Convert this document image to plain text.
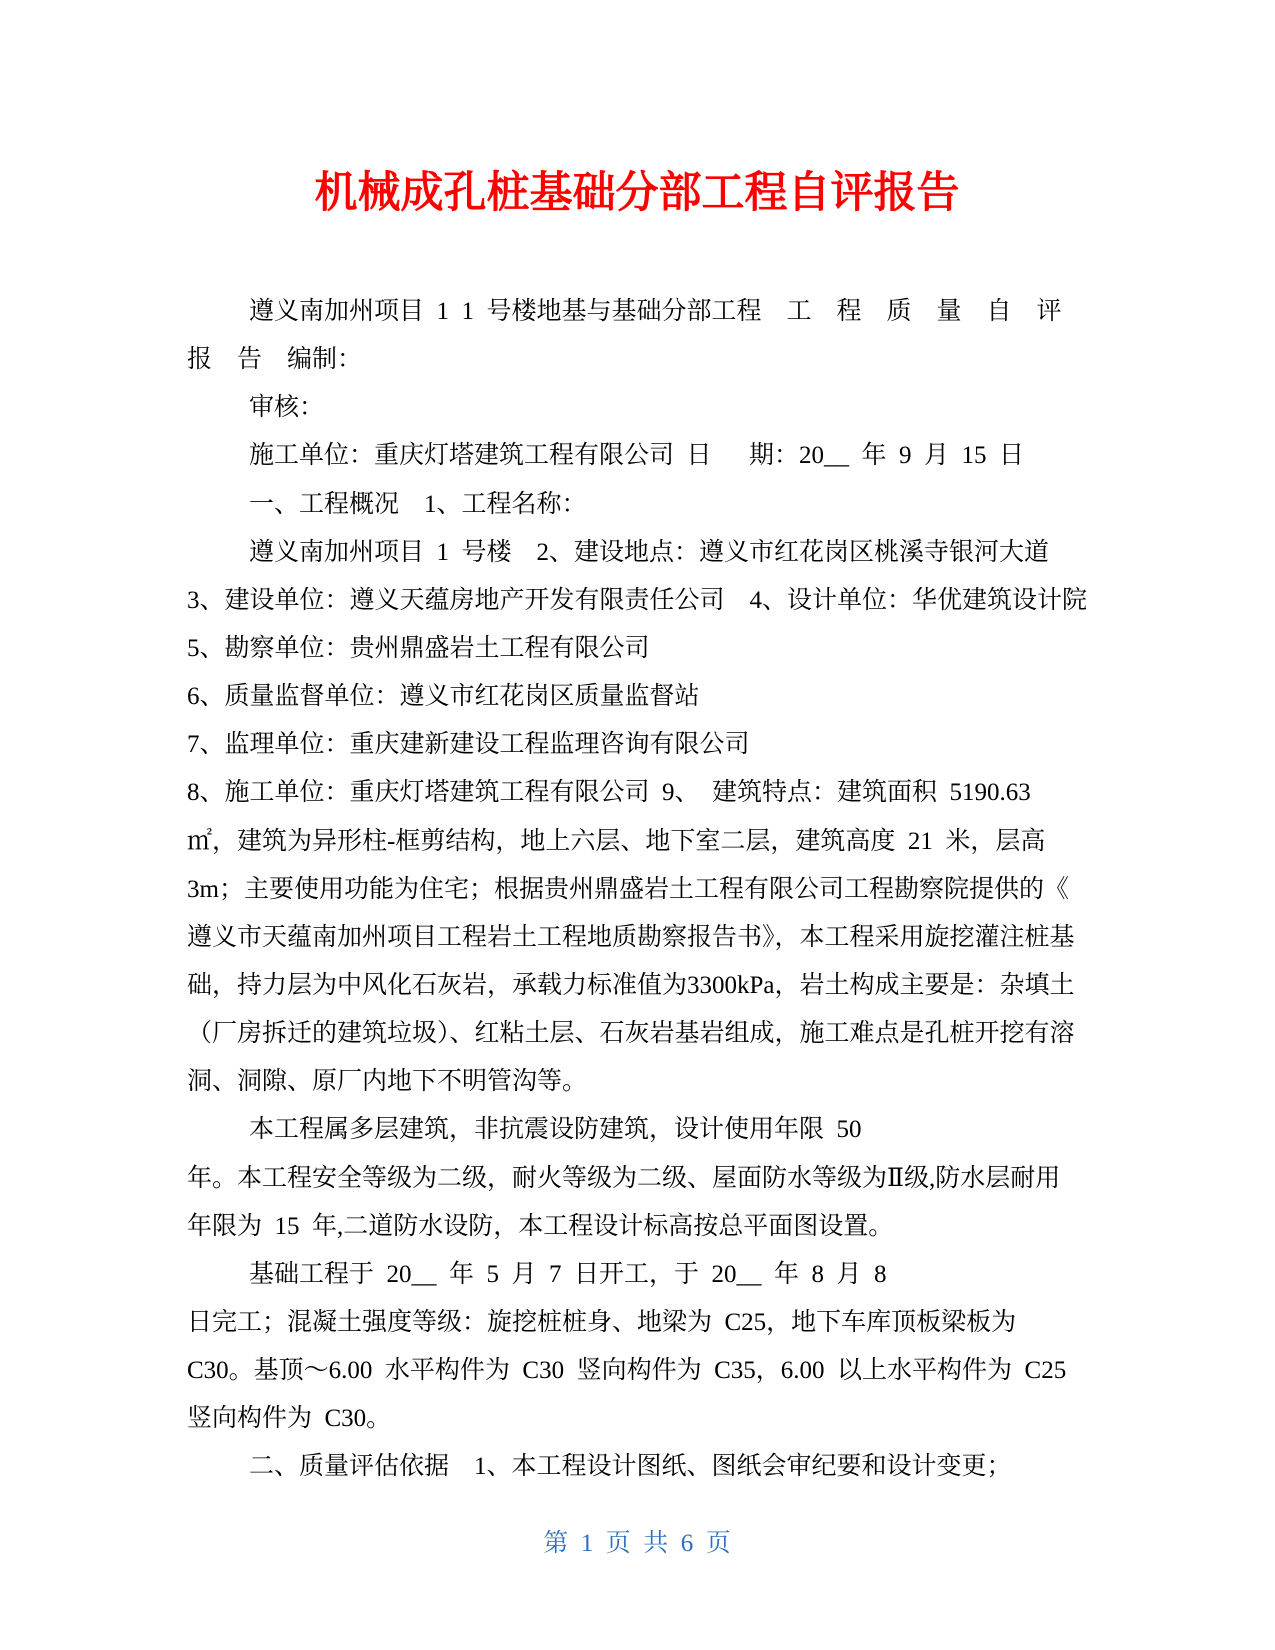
机械成孔桩基础分部工程自评报告
遵义南加州项目 1 1 号楼地基与基础分部工程　工　程　质　量　自　评
报　告　编制：
审核：
施工单位：重庆灯塔建筑工程有限公司 日　 期：20__ 年 9 月 15 日
一、工程概况　1、工程名称：
遵义南加州项目 1 号楼　2、建设地点：遵义市红花岗区桃溪寺银河大道
3、建设单位：遵义天蕴房地产开发有限责任公司　4、设计单位：华优建筑设计院
5、勘察单位：贵州鼎盛岩土工程有限公司
6、质量监督单位：遵义市红花岗区质量监督站
7、监理单位：重庆建新建设工程监理咨询有限公司
8、施工单位：重庆灯塔建筑工程有限公司 9、 建筑特点：建筑面积 5190.63
㎡，建筑为异形柱-框剪结构，地上六层、地下室二层，建筑高度 21 米，层高
3m；主要使用功能为住宅；根据贵州鼎盛岩土工程有限公司工程勘察院提供的《
遵义市天蕴南加州项目工程岩土工程地质勘察报告书》，本工程采用旋挖灌注桩基
础，持力层为中风化石灰岩，承载力标准值为3300kPa，岩土构成主要是：杂填土
（厂房拆迁的建筑垃圾）、红粘土层、石灰岩基岩组成，施工难点是孔桩开挖有溶
洞、洞隙、原厂内地下不明管沟等。
本工程属多层建筑，非抗震设防建筑，设计使用年限 50
年。本工程安全等级为二级，耐火等级为二级、屋面防水等级为Ⅱ级,防水层耐用
年限为 15 年,二道防水设防，本工程设计标高按总平面图设置。
基础工程于 20__ 年 5 月 7 日开工，于 20__ 年 8 月 8
日完工；混凝土强度等级：旋挖桩桩身、地梁为 C25，地下车库顶板梁板为
C30。基顶～6.00 水平构件为 C30 竖向构件为 C35，6.00 以上水平构件为 C25
竖向构件为 C30。
二、质量评估依据　1、本工程设计图纸、图纸会审纪要和设计变更；
第 1 页 共 6 页
